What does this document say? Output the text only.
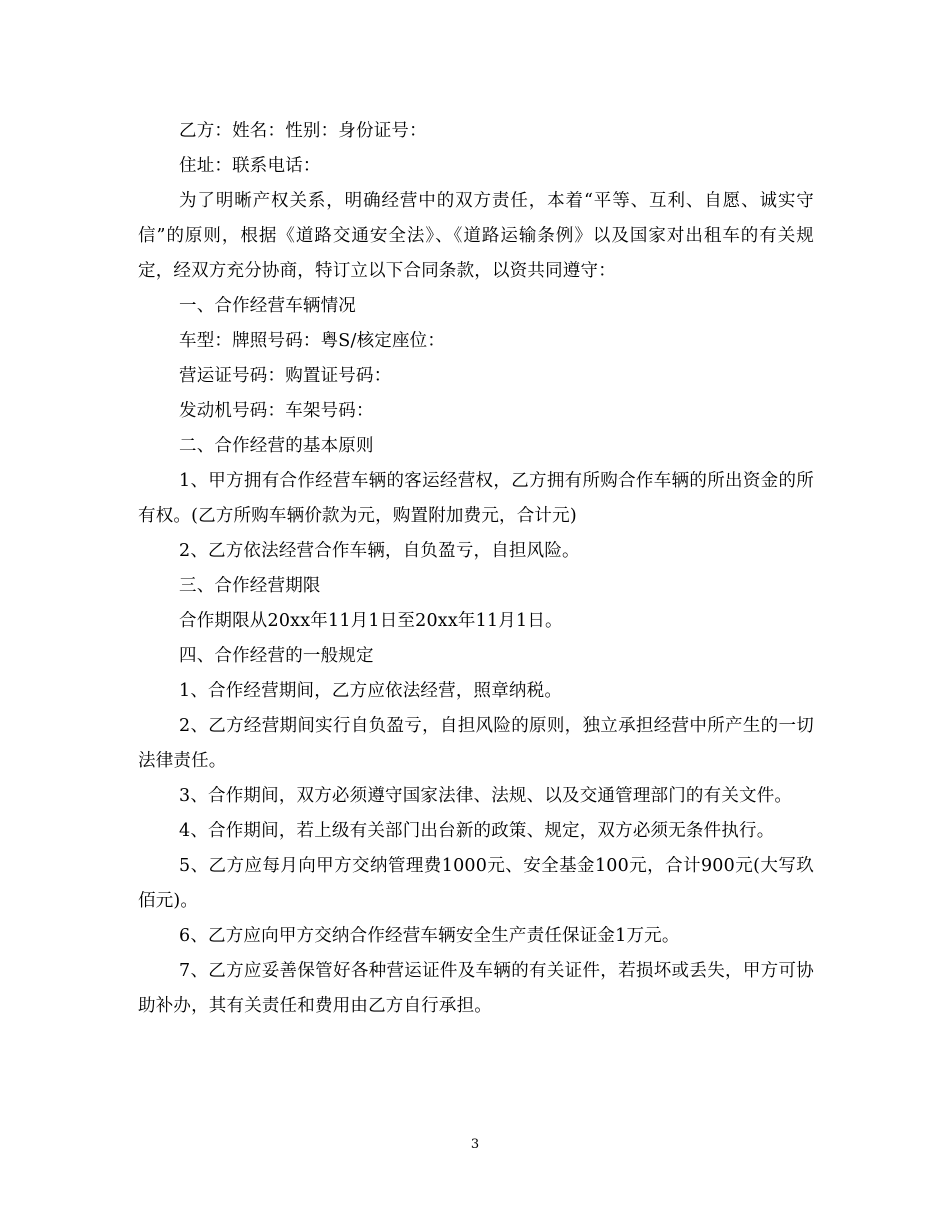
乙方：姓名：性别：身份证号：

住址：联系电话：

为了明晰产权关系，明确经营中的双方责任，本着“平等、互利、自愿、诚实守信”的原则，根据《道路交通安全法》、《道路运输条例》以及国家对出租车的有关规定，经双方充分协商，特订立以下合同条款，以资共同遵守：

一、合作经营车辆情况

车型：牌照号码：粤S/核定座位：

营运证号码：购置证号码：

发动机号码：车架号码：

二、合作经营的基本原则

1、甲方拥有合作经营车辆的客运经营权，乙方拥有所购合作车辆的所出资金的所有权。(乙方所购车辆价款为元，购置附加费元，合计元)

2、乙方依法经营合作车辆，自负盈亏，自担风险。

三、合作经营期限

合作期限从20xx年11月1日至20xx年11月1日。

四、合作经营的一般规定

1、合作经营期间，乙方应依法经营，照章纳税。

2、乙方经营期间实行自负盈亏，自担风险的原则，独立承担经营中所产生的一切法律责任。

3、合作期间，双方必须遵守国家法律、法规、以及交通管理部门的有关文件。

4、合作期间，若上级有关部门出台新的政策、规定，双方必须无条件执行。

5、乙方应每月向甲方交纳管理费1000元、安全基金100元，合计900元(大写玖佰元)。

6、乙方应向甲方交纳合作经营车辆安全生产责任保证金1万元。

7、乙方应妥善保管好各种营运证件及车辆的有关证件，若损坏或丢失，甲方可协助补办，其有关责任和费用由乙方自行承担。

3
